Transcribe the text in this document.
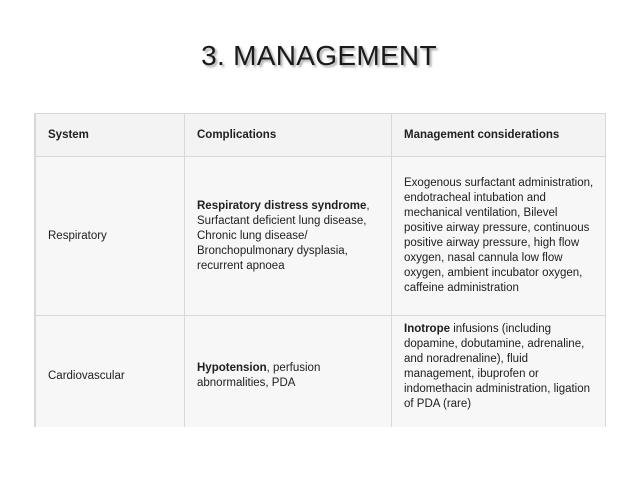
3. MANAGEMENT
System	Complications	Management considerations
Respiratory	Respiratory distress syndrome, Surfactant deficient lung disease, Chronic lung disease/ Bronchopulmonary dysplasia, recurrent apnoea	Exogenous surfactant administration, endotracheal intubation and mechanical ventilation, Bilevel positive airway pressure, continuous positive airway pressure, high flow oxygen, nasal cannula low flow oxygen, ambient incubator oxygen, caffeine administration
Cardiovascular	Hypotension, perfusion abnormalities, PDA	Inotrope infusions (including dopamine, dobutamine, adrenaline, and noradrenaline), fluid management, ibuprofen or indomethacin administration, ligation of PDA (rare)
